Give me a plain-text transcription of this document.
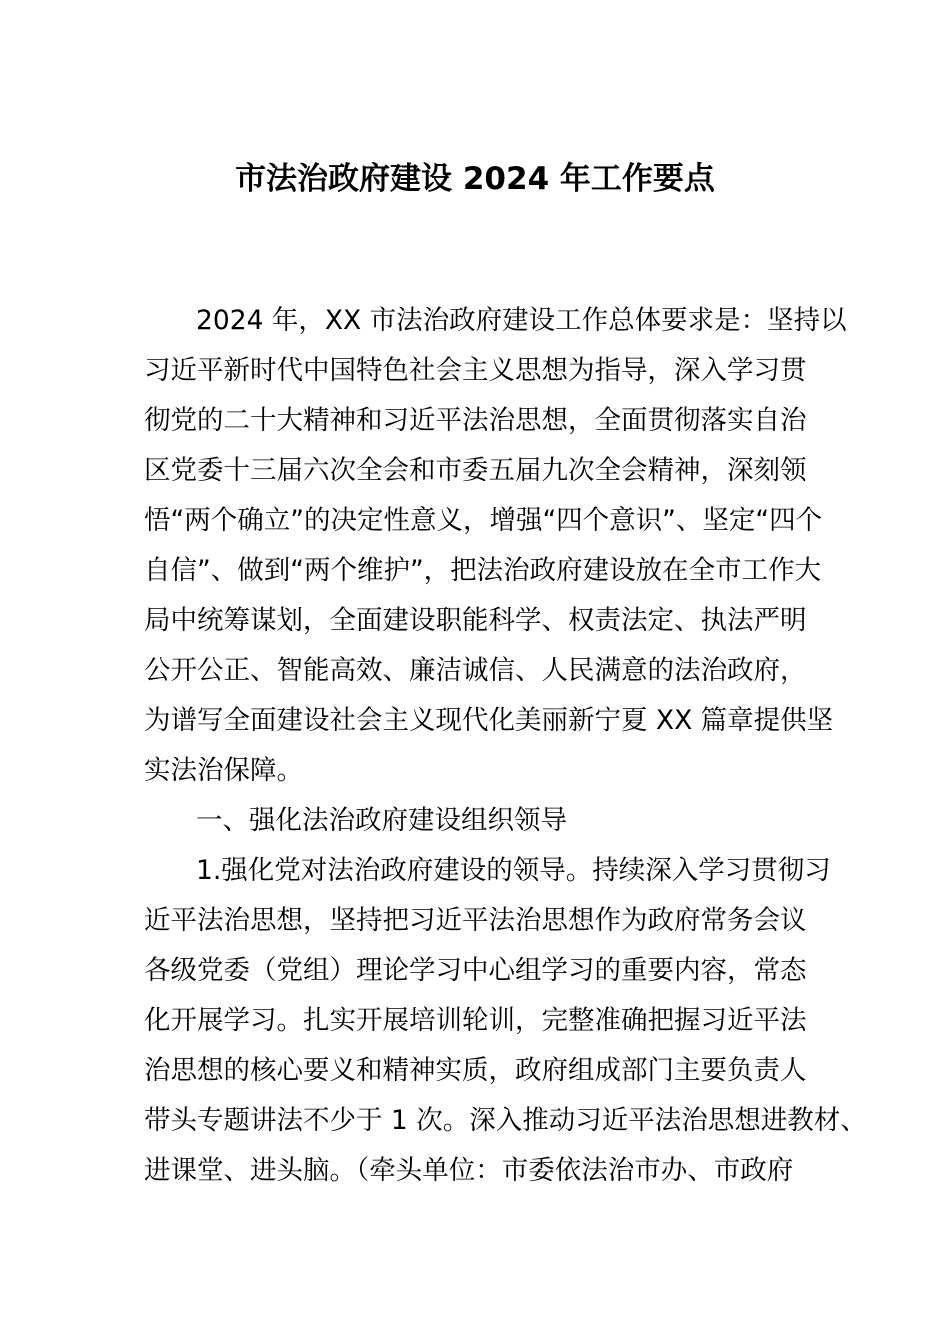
市法治政府建设 2024 年工作要点
2024 年，XX 市法治政府建设工作总体要求是：坚持以
习近平新时代中国特色社会主义思想为指导，深入学习贯
彻党的二十大精神和习近平法治思想，全面贯彻落实自治
区党委十三届六次全会和市委五届九次全会精神，深刻领
悟“两个确立”的决定性意义，增强“四个意识”、坚定“四个
自信”、做到“两个维护”，把法治政府建设放在全市工作大
局中统筹谋划，全面建设职能科学、权责法定、执法严明
公开公正、智能高效、廉洁诚信、人民满意的法治政府，
为谱写全面建设社会主义现代化美丽新宁夏 XX 篇章提供坚
实法治保障。
一、强化法治政府建设组织领导
1.强化党对法治政府建设的领导。持续深入学习贯彻习
近平法治思想，坚持把习近平法治思想作为政府常务会议
各级党委（党组）理论学习中心组学习的重要内容，常态
化开展学习。扎实开展培训轮训，完整准确把握习近平法
治思想的核心要义和精神实质，政府组成部门主要负责人
带头专题讲法不少于 1 次。深入推动习近平法治思想进教材、
进课堂、进头脑。（牵头单位：市委依法治市办、市政府
